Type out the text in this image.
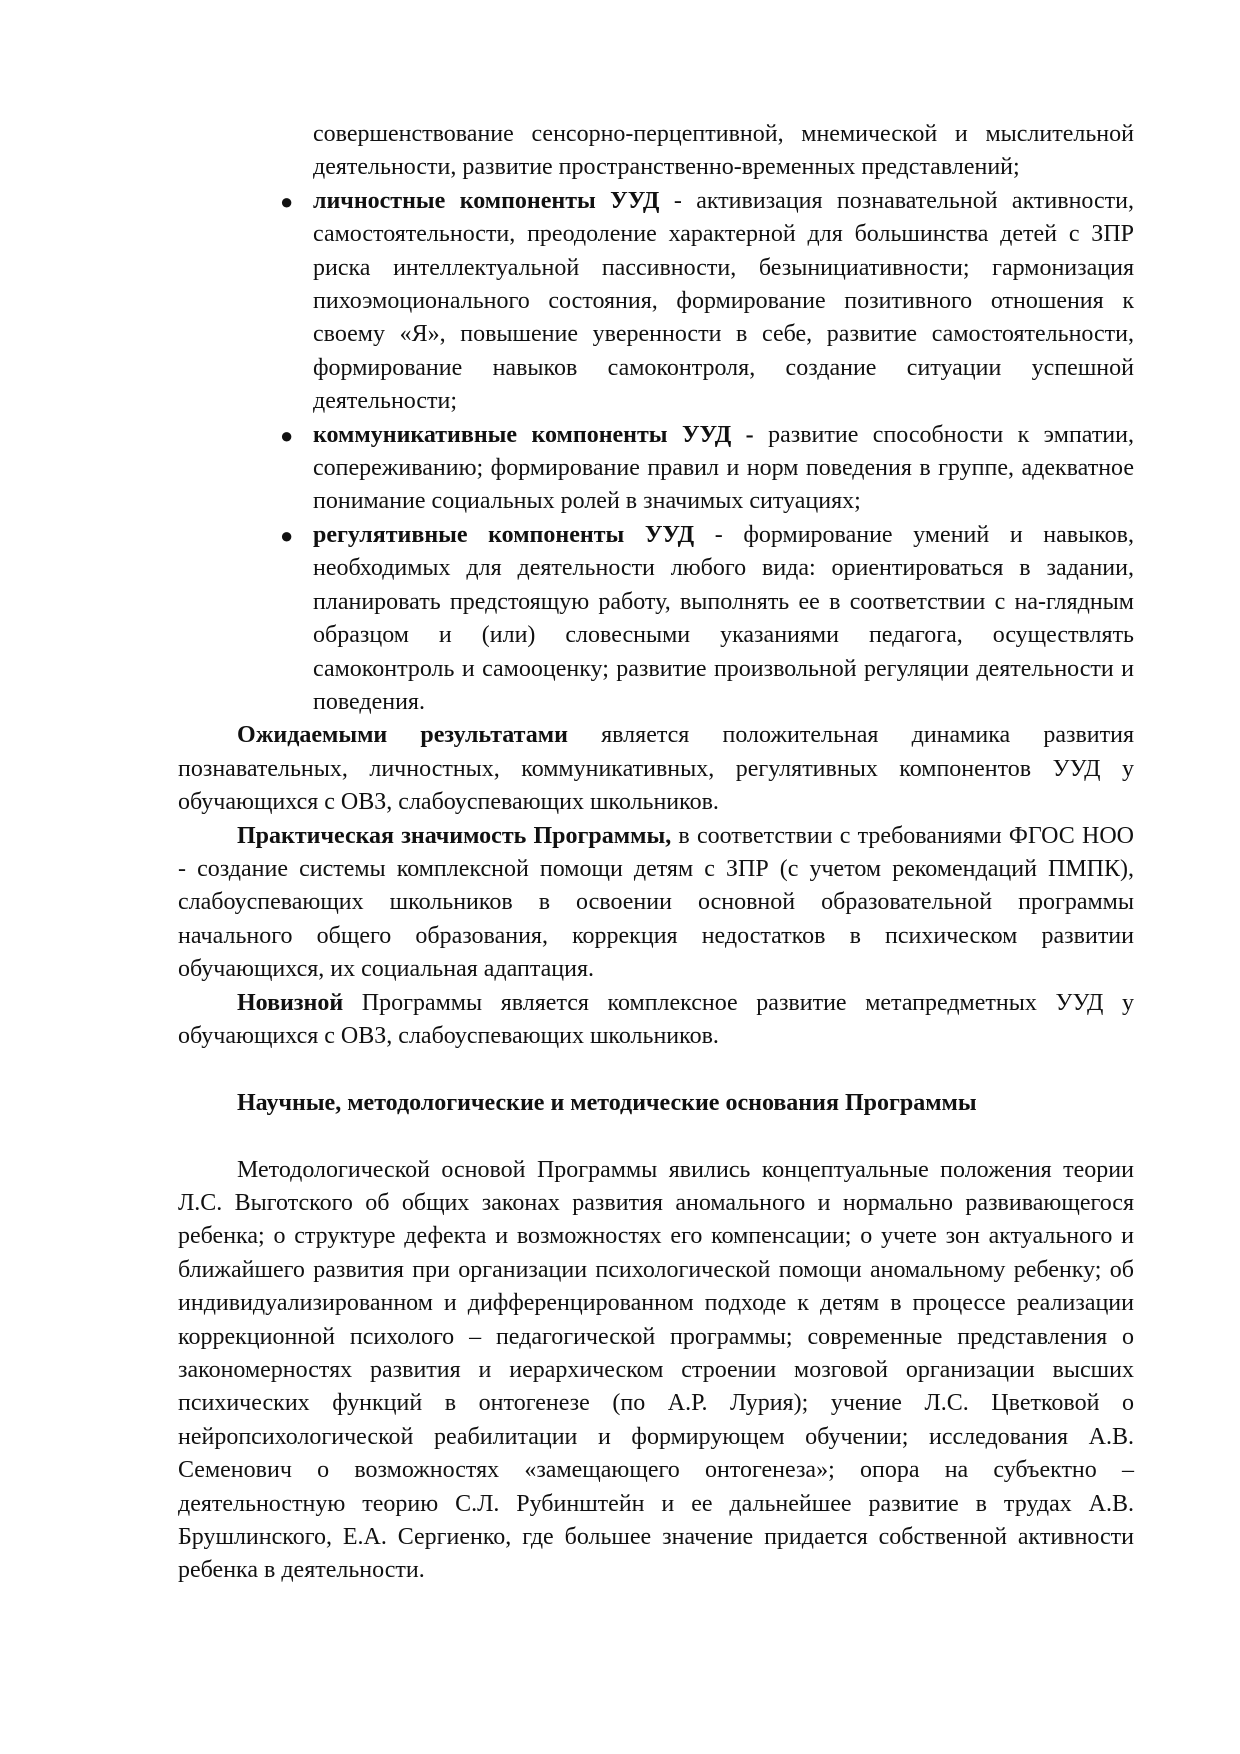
совершенствование сенсорно-перцептивной, мнемической и мыслительной деятельности, развитие пространственно-временных представлений;

● личностные компоненты УУД - активизация познавательной активности, самостоятельности, преодоление характерной для большинства детей с ЗПР риска интеллектуальной пассивности, безынициативности; гармонизация пихоэмоционального состояния, формирование позитивного отношения к своему «Я», повышение уверенности в себе, развитие самостоятельности, формирование навыков самоконтроля, создание ситуации успешной деятельности;
● коммуникативные компоненты УУД - развитие способности к эмпатии, сопереживанию; формирование правил и норм поведения в группе, адекватное понимание социальных ролей в значимых ситуациях;
● регулятивные компоненты УУД - формирование умений и навыков, необходимых для деятельности любого вида: ориентироваться в задании, планировать предстоящую работу, выполнять ее в соответствии с на-глядным образцом и (или) словесными указаниями педагога, осуществлять самоконтроль и самооценку; развитие произвольной регуляции деятельности и поведения.

Ожидаемыми результатами является положительная динамика развития познавательных, личностных, коммуникативных, регулятивных компонентов УУД у обучающихся с ОВЗ, слабоуспевающих школьников.

Практическая значимость Программы, в соответствии с требованиями ФГОС НОО - создание системы комплексной помощи детям с ЗПР (с учетом рекомендаций ПМПК), слабоуспевающих школьников в освоении основной образовательной программы начального общего образования, коррекция недостатков в психическом развитии обучающихся, их социальная адаптация.

Новизной Программы является комплексное развитие метапредметных УУД у обучающихся с ОВЗ, слабоуспевающих школьников.

Научные, методологические и методические основания Программы

Методологической основой Программы явились концептуальные положения теории Л.С. Выготского об общих законах развития аномального и нормально развивающегося ребенка; о структуре дефекта и возможностях его компенсации; о учете зон актуального и ближайшего развития при организации психологической помощи аномальному ребенку; об индивидуализированном и дифференцированном подходе к детям в процессе реализации коррекционной психолого – педагогической программы; современные представления о закономерностях развития и иерархическом строении мозговой организации высших психических функций в онтогенезе (по А.Р. Лурия); учение Л.С. Цветковой о нейропсихологической реабилитации и формирующем обучении; исследования А.В. Семенович о возможностях «замещающего онтогенеза»; опора на субъектно – деятельностную теорию С.Л. Рубинштейн и ее дальнейшее развитие в трудах А.В. Брушлинского, Е.А. Сергиенко, где большее значение придается собственной активности ребенка в деятельности.
